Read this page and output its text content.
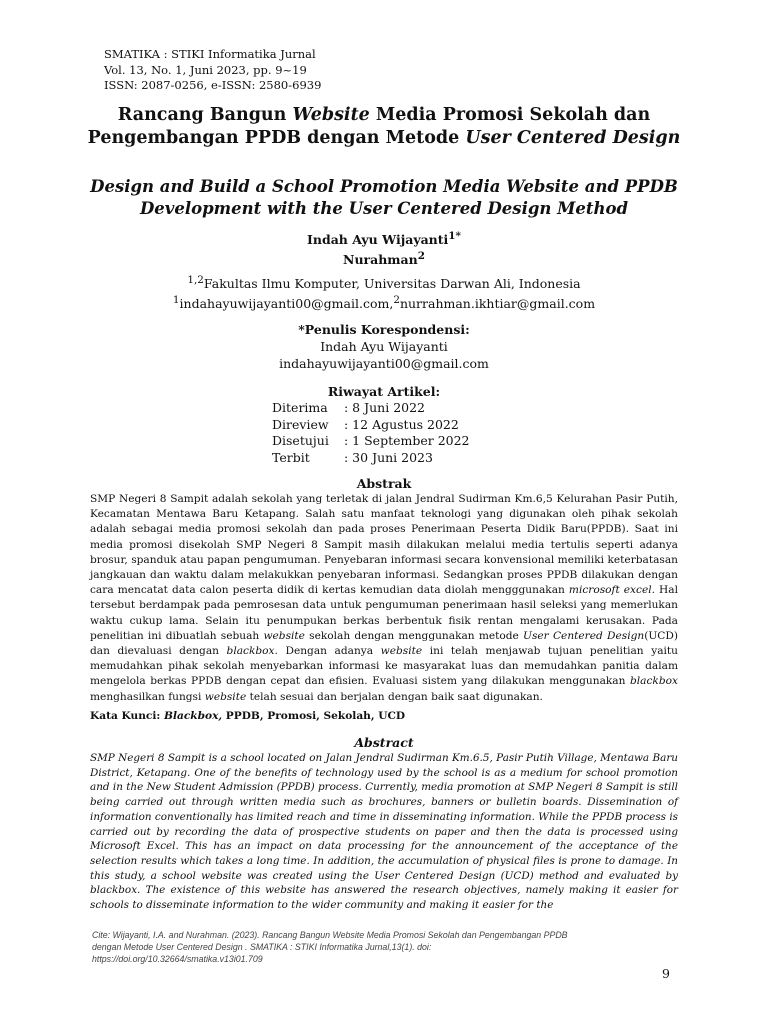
SMATIKA : STIKI Informatika Jurnal
Vol. 13, No. 1, Juni 2023, pp. 9~19
ISSN: 2087-0256, e-ISSN: 2580-6939
Rancang Bangun Website Media Promosi Sekolah dan Pengembangan PPDB dengan Metode User Centered Design
Design and Build a School Promotion Media Website and PPDB
Development with the User Centered Design Method
Indah Ayu Wijayanti$^{1*}$
Nurahman$^2$
$^{1,2}$Fakultas Ilmu Komputer, Universitas Darwan Ali, Indonesia
$^1$indahayuwijayanti00@gmail.com,$^2$nurrahman.ikhtiar@gmail.com
*Penulis Korespondensi:
Indah Ayu Wijayanti
indahayuwijayanti00@gmail.com
Riwayat Artikel:
Diterima	: 8 Juni 2022
Direview	: 12 Agustus 2022
Disetujui	: 1 September 2022
Terbit	: 30 Juni 2023
Abstrak
SMP Negeri 8 Sampit adalah sekolah yang terletak di jalan Jendral Sudirman Km.6,5 Kelurahan Pasir Putih, Kecamatan Mentawa Baru Ketapang. Salah satu manfaat teknologi yang digunakan oleh pihak sekolah adalah sebagai media promosi sekolah dan pada proses Penerimaan Peserta Didik Baru(PPDB). Saat ini media promosi disekolah SMP Negeri 8 Sampit masih dilakukan melalui media tertulis seperti adanya brosur, spanduk atau papan pengumuman. Penyebaran informasi secara konvensional memiliki keterbatasan jangkauan dan waktu dalam melakukkan penyebaran informasi. Sedangkan proses PPDB dilakukan dengan cara mencatat data calon peserta didik di kertas kemudian data diolah mengggunakan microsoft excel. Hal tersebut berdampak pada pemrosesan data untuk pengumuman penerimaan hasil seleksi yang memerlukan waktu cukup lama. Selain itu penumpukan berkas berbentuk fisik rentan mengalami kerusakan. Pada penelitian ini dibuatlah sebuah website sekolah dengan menggunakan metode User Centered Design(UCD) dan dievaluasi dengan blackbox. Dengan adanya website ini telah menjawab tujuan penelitian yaitu memudahkan pihak sekolah menyebarkan informasi ke masyarakat luas dan memudahkan panitia dalam mengelola berkas PPDB dengan cepat dan efisien. Evaluasi sistem yang dilakukan menggunakan blackbox menghasilkan fungsi website telah sesuai dan berjalan dengan baik saat digunakan.
Kata Kunci: Blackbox, PPDB, Promosi, Sekolah, UCD
Abstract
SMP Negeri 8 Sampit is a school located on Jalan Jendral Sudirman Km.6.5, Pasir Putih Village, Mentawa Baru District, Ketapang. One of the benefits of technology used by the school is as a medium for school promotion and in the New Student Admission (PPDB) process. Currently, media promotion at SMP Negeri 8 Sampit is still being carried out through written media such as brochures, banners or bulletin boards. Dissemination of information conventionally has limited reach and time in disseminating information. While the PPDB process is carried out by recording the data of prospective students on paper and then the data is processed using Microsoft Excel. This has an impact on data processing for the announcement of the acceptance of the selection results which takes a long time. In addition, the accumulation of physical files is prone to damage. In this study, a school website was created using the User Centered Design (UCD) method and evaluated by blackbox. The existence of this website has answered the research objectives, namely making it easier for schools to disseminate information to the wider community and making it easier for the
Cite: Wijayanti, I.A. and Nurahman. (2023). Rancang Bangun Website Media Promosi Sekolah dan Pengembangan PPDB
dengan Metode User Centered Design . SMATIKA : STIKI Informatika Jurnal,13(1). doi:
https://doi.org/10.32664/smatika.v13i01.709
9
